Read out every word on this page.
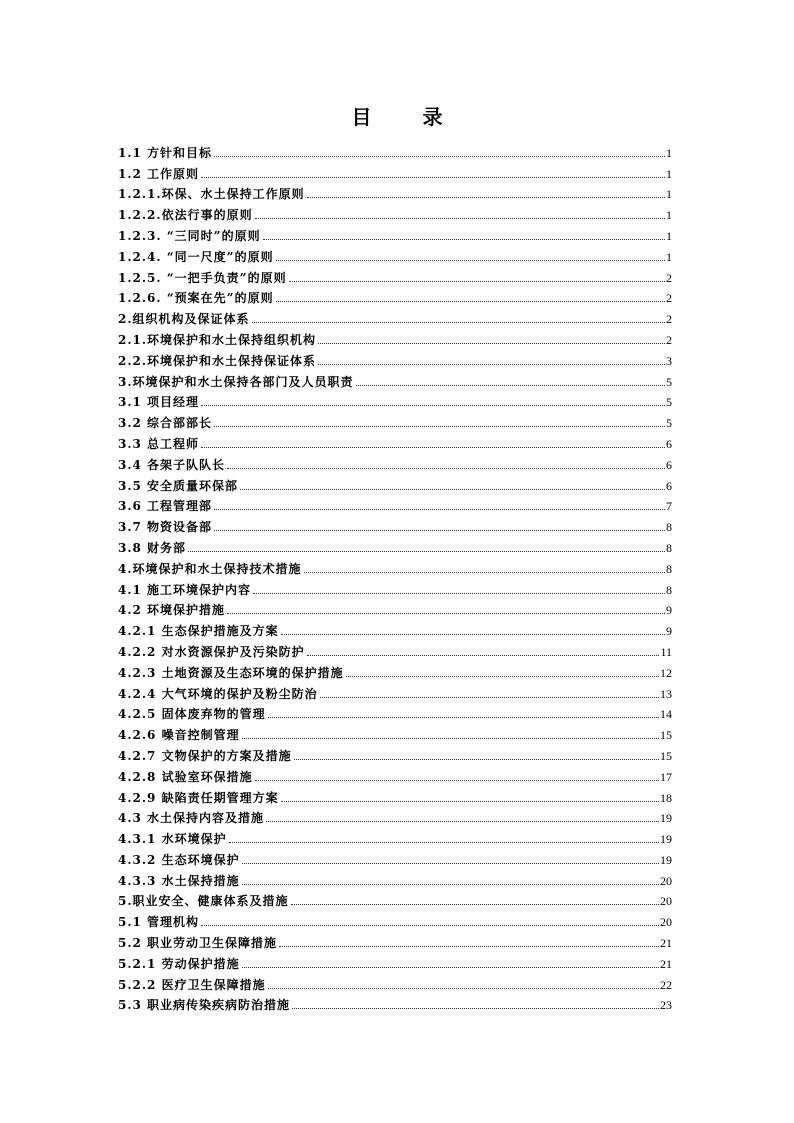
目 录
1.1 方针和目标	1
1.2 工作原则	1
1.2.1.环保、水土保持工作原则	1
1.2.2.依法行事的原则	1
1.2.3. “三同时”的原则	1
1.2.4. “同一尺度”的原则	1
1.2.5. “一把手负责”的原则	2
1.2.6. “预案在先”的原则	2
2.组织机构及保证体系	2
2.1.环境保护和水土保持组织机构	2
2.2.环境保护和水土保持保证体系	3
3.环境保护和水土保持各部门及人员职责	5
3.1 项目经理	5
3.2 综合部部长	5
3.3 总工程师	6
3.4 各架子队队长	6
3.5 安全质量环保部	6
3.6 工程管理部	7
3.7 物资设备部	8
3.8 财务部	8
4.环境保护和水土保持技术措施	8
4.1 施工环境保护内容	8
4.2 环境保护措施	9
4.2.1 生态保护措施及方案	9
4.2.2 对水资源保护及污染防护	11
4.2.3 土地资源及生态环境的保护措施	12
4.2.4 大气环境的保护及粉尘防治	13
4.2.5 固体废弃物的管理	14
4.2.6 噪音控制管理	15
4.2.7 文物保护的方案及措施	15
4.2.8 试验室环保措施	17
4.2.9 缺陷责任期管理方案	18
4.3 水土保持内容及措施	19
4.3.1 水环境保护	19
4.3.2 生态环境保护	19
4.3.3 水土保持措施	20
5.职业安全、健康体系及措施	20
5.1 管理机构	20
5.2 职业劳动卫生保障措施	21
5.2.1 劳动保护措施	21
5.2.2 医疗卫生保障措施	22
5.3 职业病传染疾病防治措施	23
